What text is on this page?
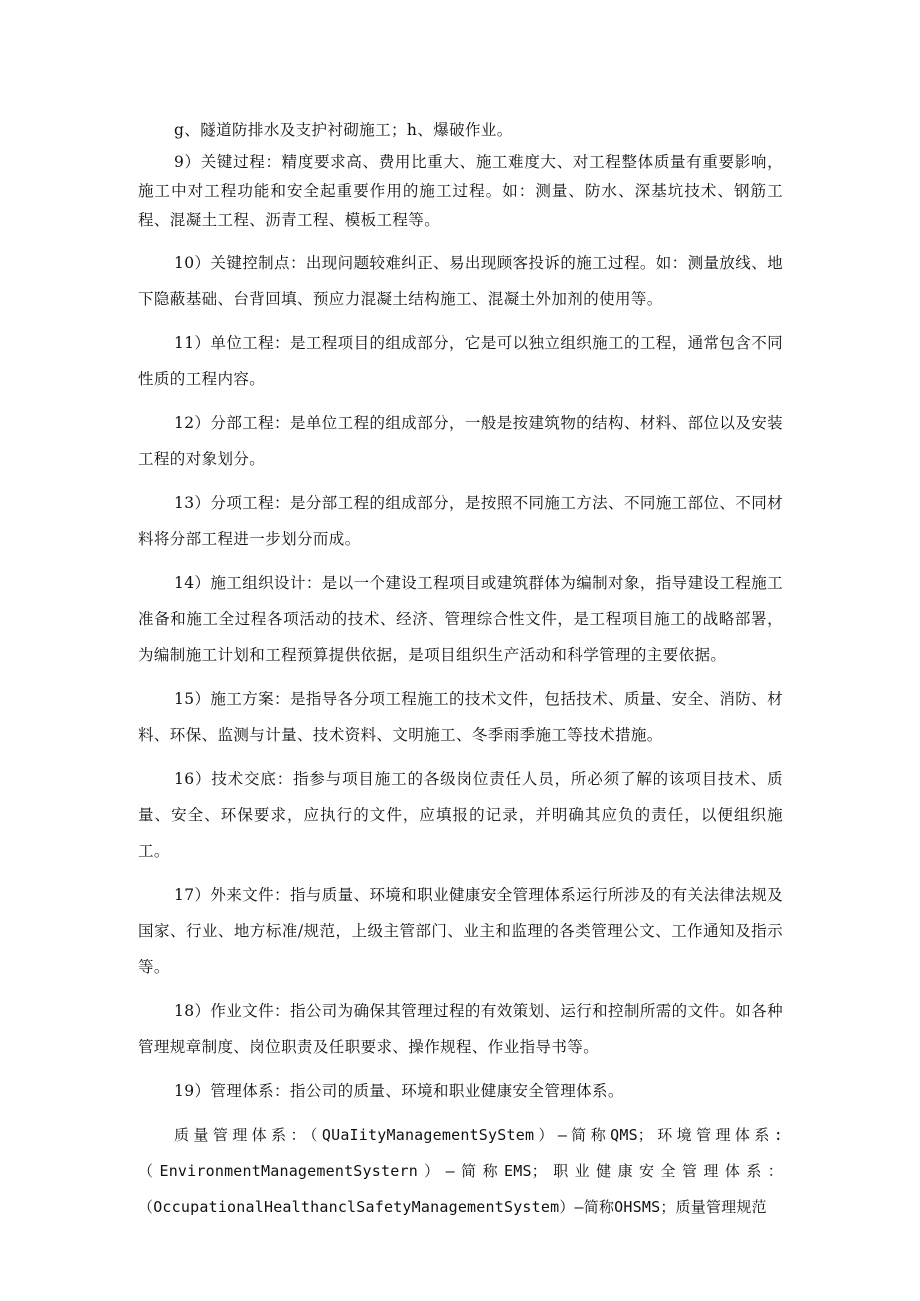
g、隧道防排水及支护衬砌施工；h、爆破作业。

9）关键过程：精度要求高、费用比重大、施工难度大、对工程整体质量有重要影响，施工中对工程功能和安全起重要作用的施工过程。如：测量、防水、深基坑技术、钢筋工程、混凝土工程、沥青工程、模板工程等。

10）关键控制点：出现问题较难纠正、易出现顾客投诉的施工过程。如：测量放线、地下隐蔽基础、台背回填、预应力混凝土结构施工、混凝土外加剂的使用等。

11）单位工程：是工程项目的组成部分，它是可以独立组织施工的工程，通常包含不同性质的工程内容。

12）分部工程：是单位工程的组成部分，一般是按建筑物的结构、材料、部位以及安装工程的对象划分。

13）分项工程：是分部工程的组成部分，是按照不同施工方法、不同施工部位、不同材料将分部工程进一步划分而成。

14）施工组织设计：是以一个建设工程项目或建筑群体为编制对象，指导建设工程施工准备和施工全过程各项活动的技术、经济、管理综合性文件，是工程项目施工的战略部署，为编制施工计划和工程预算提供依据，是项目组织生产活动和科学管理的主要依据。

15）施工方案：是指导各分项工程施工的技术文件，包括技术、质量、安全、消防、材料、环保、监测与计量、技术资料、文明施工、冬季雨季施工等技术措施。

16）技术交底：指参与项目施工的各级岗位责任人员，所必须了解的该项目技术、质量、安全、环保要求，应执行的文件，应填报的记录，并明确其应负的责任，以便组织施工。

17）外来文件：指与质量、环境和职业健康安全管理体系运行所涉及的有关法律法规及国家、行业、地方标准/规范，上级主管部门、业主和监理的各类管理公文、工作通知及指示等。

18）作业文件：指公司为确保其管理过程的有效策划、运行和控制所需的文件。如各种管理规章制度、岗位职责及任职要求、操作规程、作业指导书等。

19）管理体系：指公司的质量、环境和职业健康安全管理体系。

质量管理体系：（QUaIityManagementSyStem）—简称QMS；环境管理体系:（EnvironmentManagementSystern）—简称EMS；职业健康安全管理体系：（OccupationalHealthanclSafetyManagementSystem）—简称OHSMS；质量管理规范
